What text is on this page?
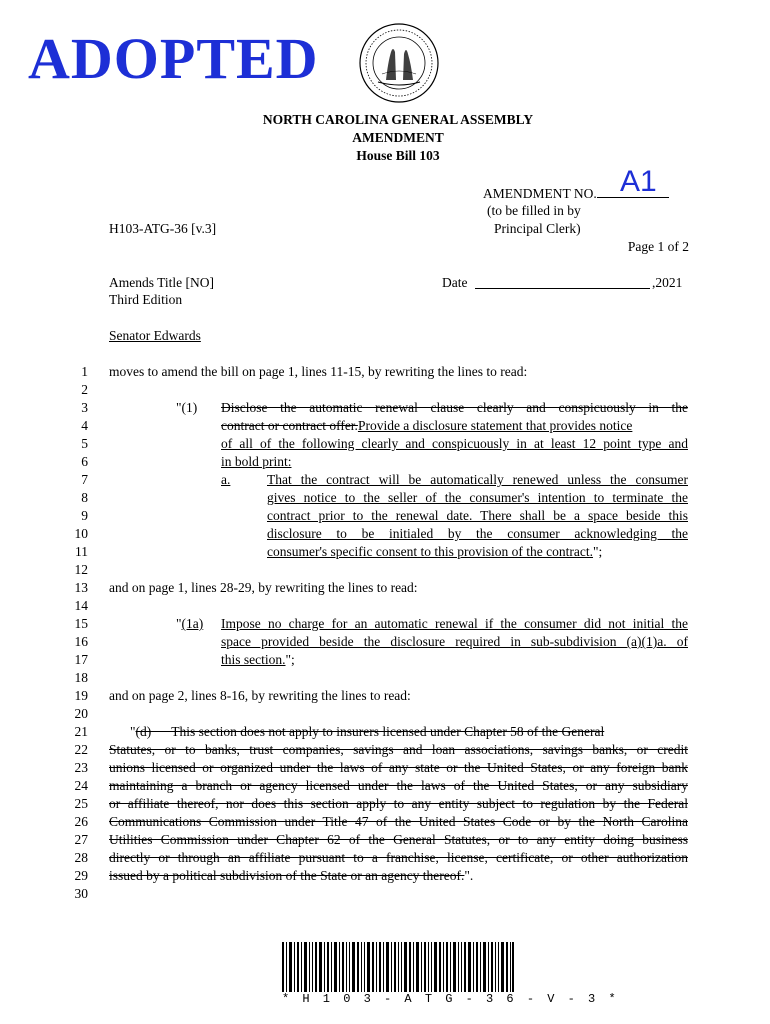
ADOPTED
NORTH CAROLINA GENERAL ASSEMBLY
AMENDMENT
House Bill 103
AMENDMENT NO. A1
(to be filled in by
Principal Clerk)
H103-ATG-36 [v.3]
Page 1 of 2
Amends Title [NO]
Third Edition
Date	,2021
Senator Edwards
1
2
3
4
5
6
7
8
9
10
11
12
13
14
15
16
17
18
19
20
21
22
23
24
25
26
27
28
29
30
moves to amend the bill on page 1, lines 11-15, by rewriting the lines to read:
"(1) Disclose the automatic renewal clause clearly and conspicuously in the
contract or contract offer.Provide a disclosure statement that provides notice
of all of the following clearly and conspicuously in at least 12 point type and
in bold print:
a.	That the contract will be automatically renewed unless the consumer
gives notice to the seller of the consumer's intention to terminate the
contract prior to the renewal date. There shall be a space beside this
disclosure to be initialed by the consumer acknowledging the
consumer's specific consent to this provision of the contract.";
and on page 1, lines 28-29, by rewriting the lines to read:
"(1a) Impose no charge for an automatic renewal if the consumer did not initial the
space provided beside the disclosure required in sub-subdivision (a)(1)a. of
this section.";
and on page 2, lines 8-16, by rewriting the lines to read:
"(d)      This section does not apply to insurers licensed under Chapter 58 of the General
Statutes, or to banks, trust companies, savings and loan associations, savings banks, or credit
unions licensed or organized under the laws of any state or the United States, or any foreign bank
maintaining a branch or agency licensed under the laws of the United States, or any subsidiary
or affiliate thereof, nor does this section apply to any entity subject to regulation by the Federal
Communications Commission under Title 47 of the United States Code or by the North Carolina
Utilities Commission under Chapter 62 of the General Statutes, or to any entity doing business
directly or through an affiliate pursuant to a franchise, license, certificate, or other authorization
issued by a political subdivision of the State or an agency thereof.".
* H 1 0 3 - A T G - 3 6 - V - 3 *
